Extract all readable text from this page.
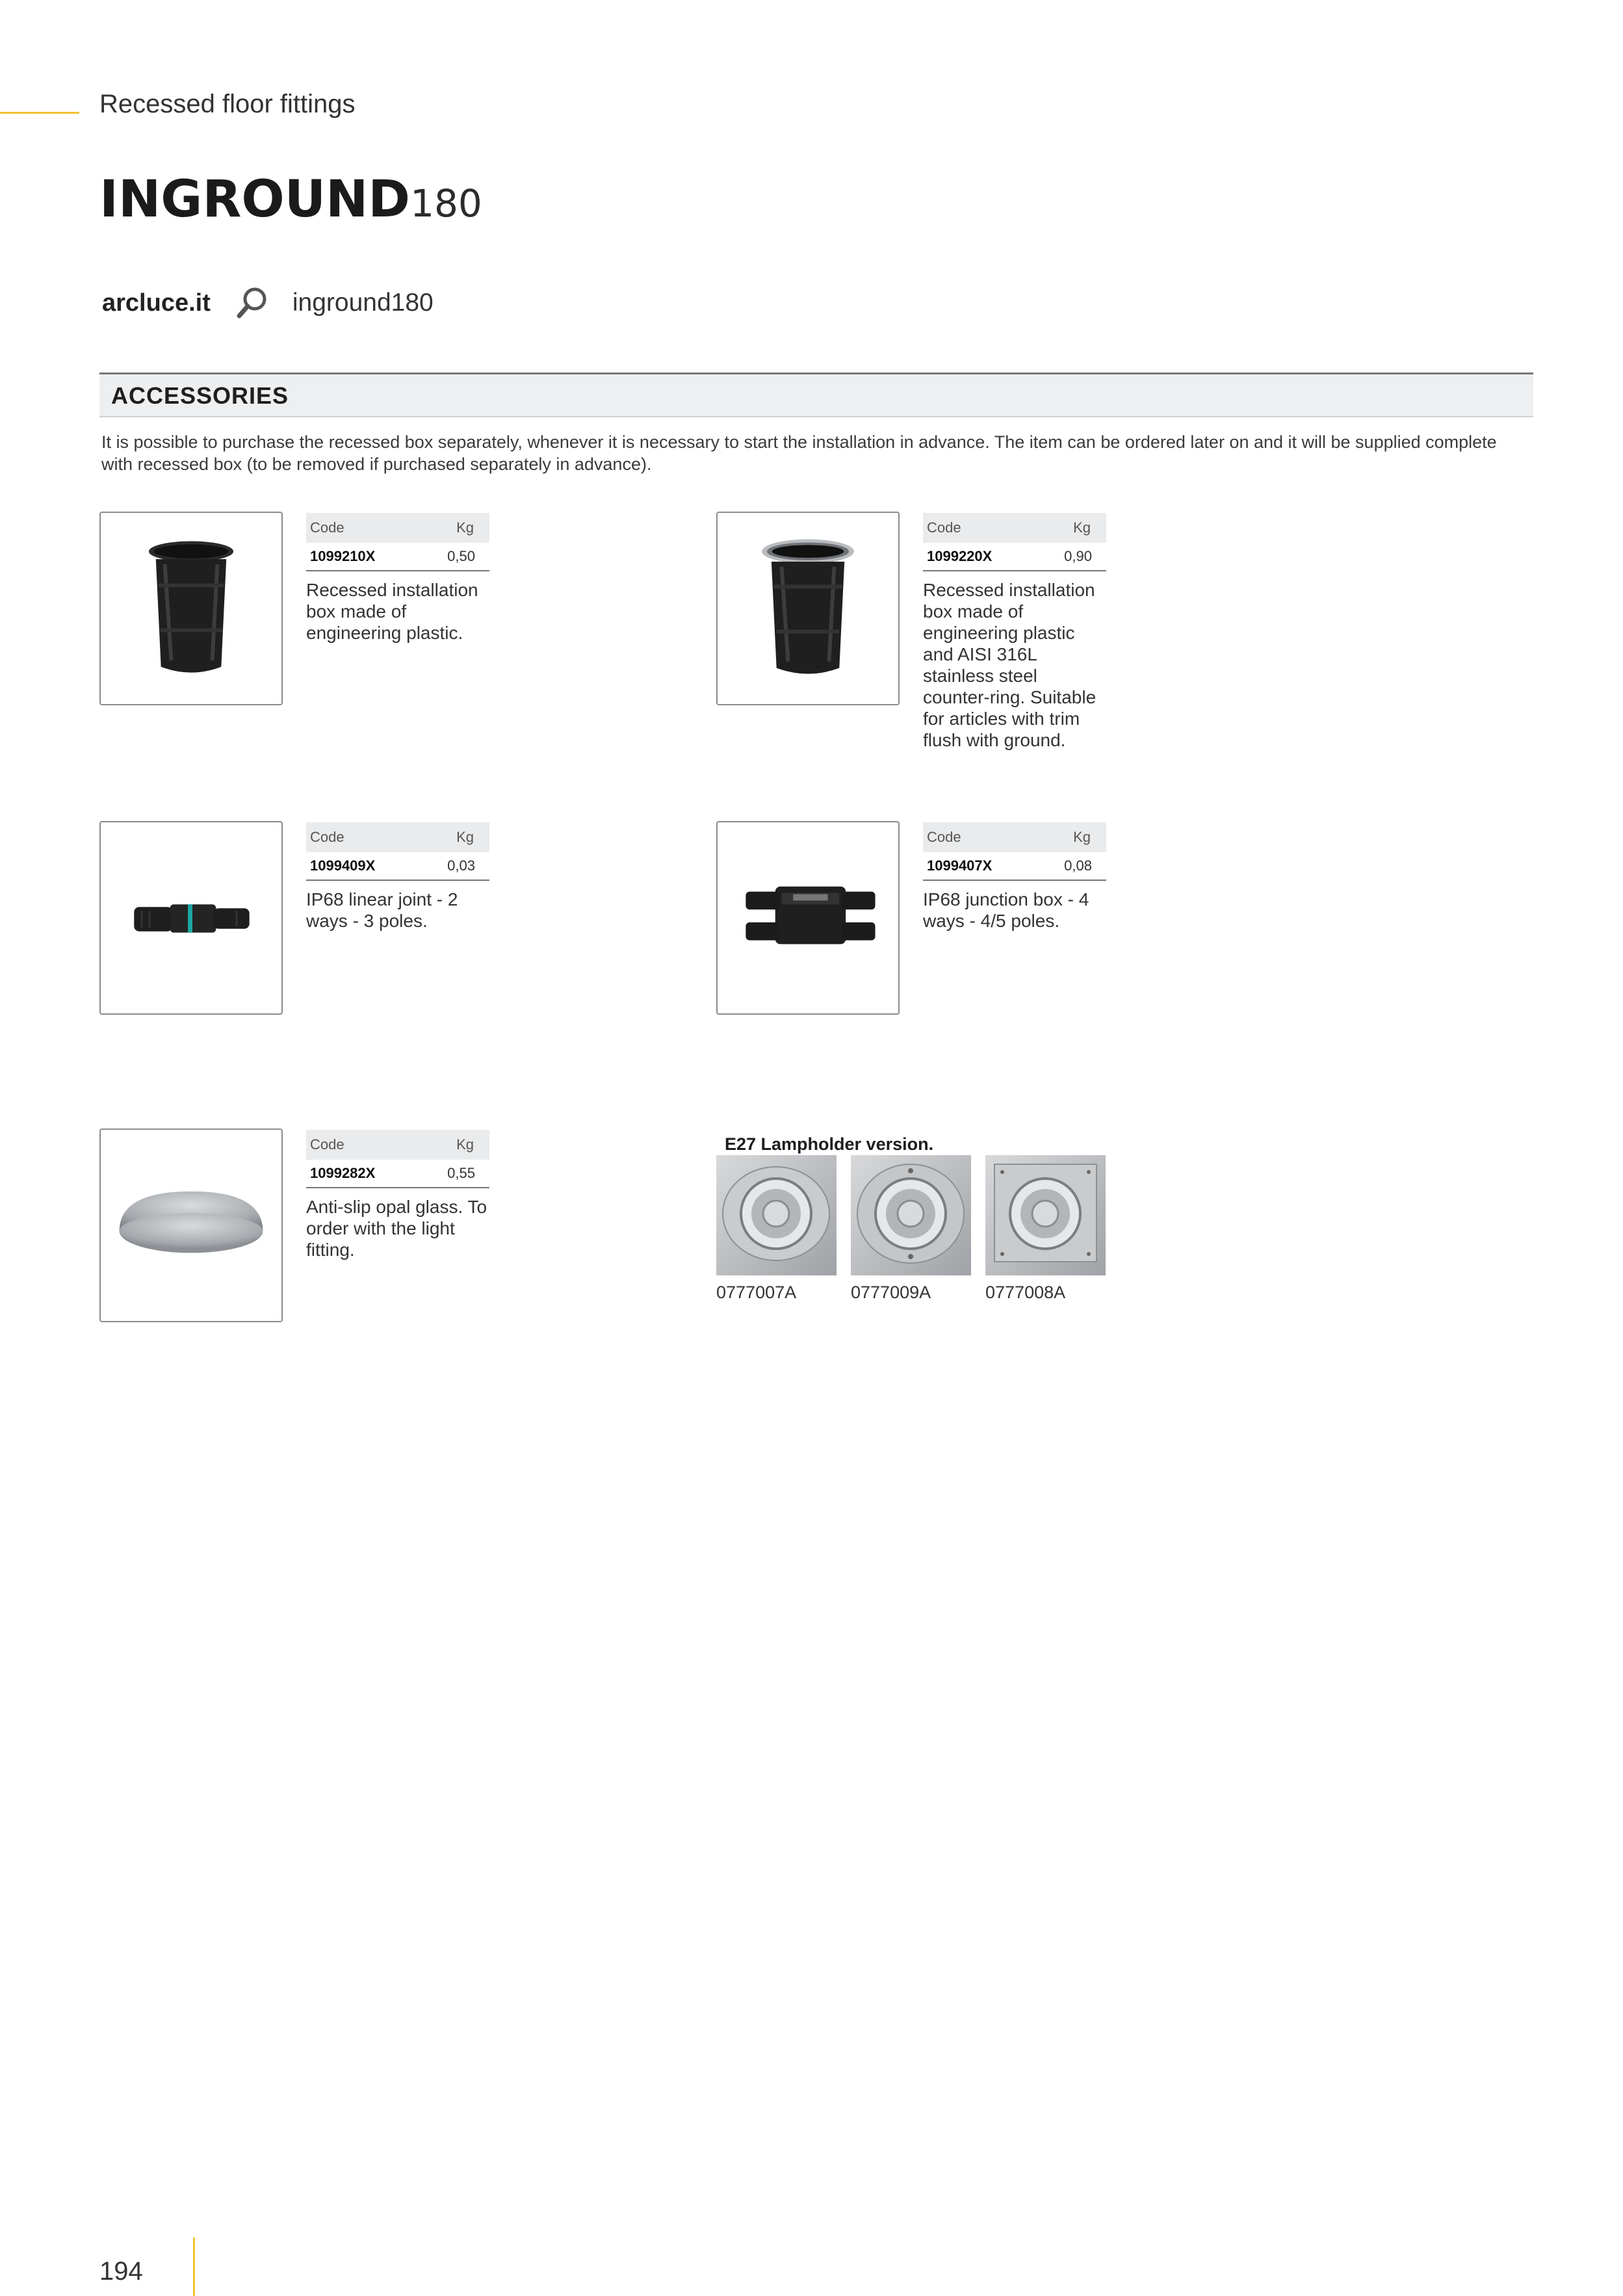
Recessed floor fittings
INGROUND180
arcluce.it	inground180
ACCESSORIES
It is possible to purchase the recessed box separately, whenever it is necessary to start the installation in advance. The item can be ordered later on and it will be supplied complete with recessed box (to be removed if purchased separately in advance).
Code	Kg
1099210X	0,50
Recessed installation box made of engineering plastic.
Code	Kg
1099220X	0,90
Recessed installation box made of engineering plastic and AISI 316L stainless steel counter-ring. Suitable for articles with trim flush with ground.
Code	Kg
1099409X	0,03
IP68 linear joint - 2 ways - 3 poles.
Code	Kg
1099407X	0,08
IP68 junction box - 4 ways - 4/5 poles.
Code	Kg
1099282X	0,55
Anti-slip opal glass. To order with the light fitting.
E27 Lampholder version.
0777007A	0777009A	0777008A
194
